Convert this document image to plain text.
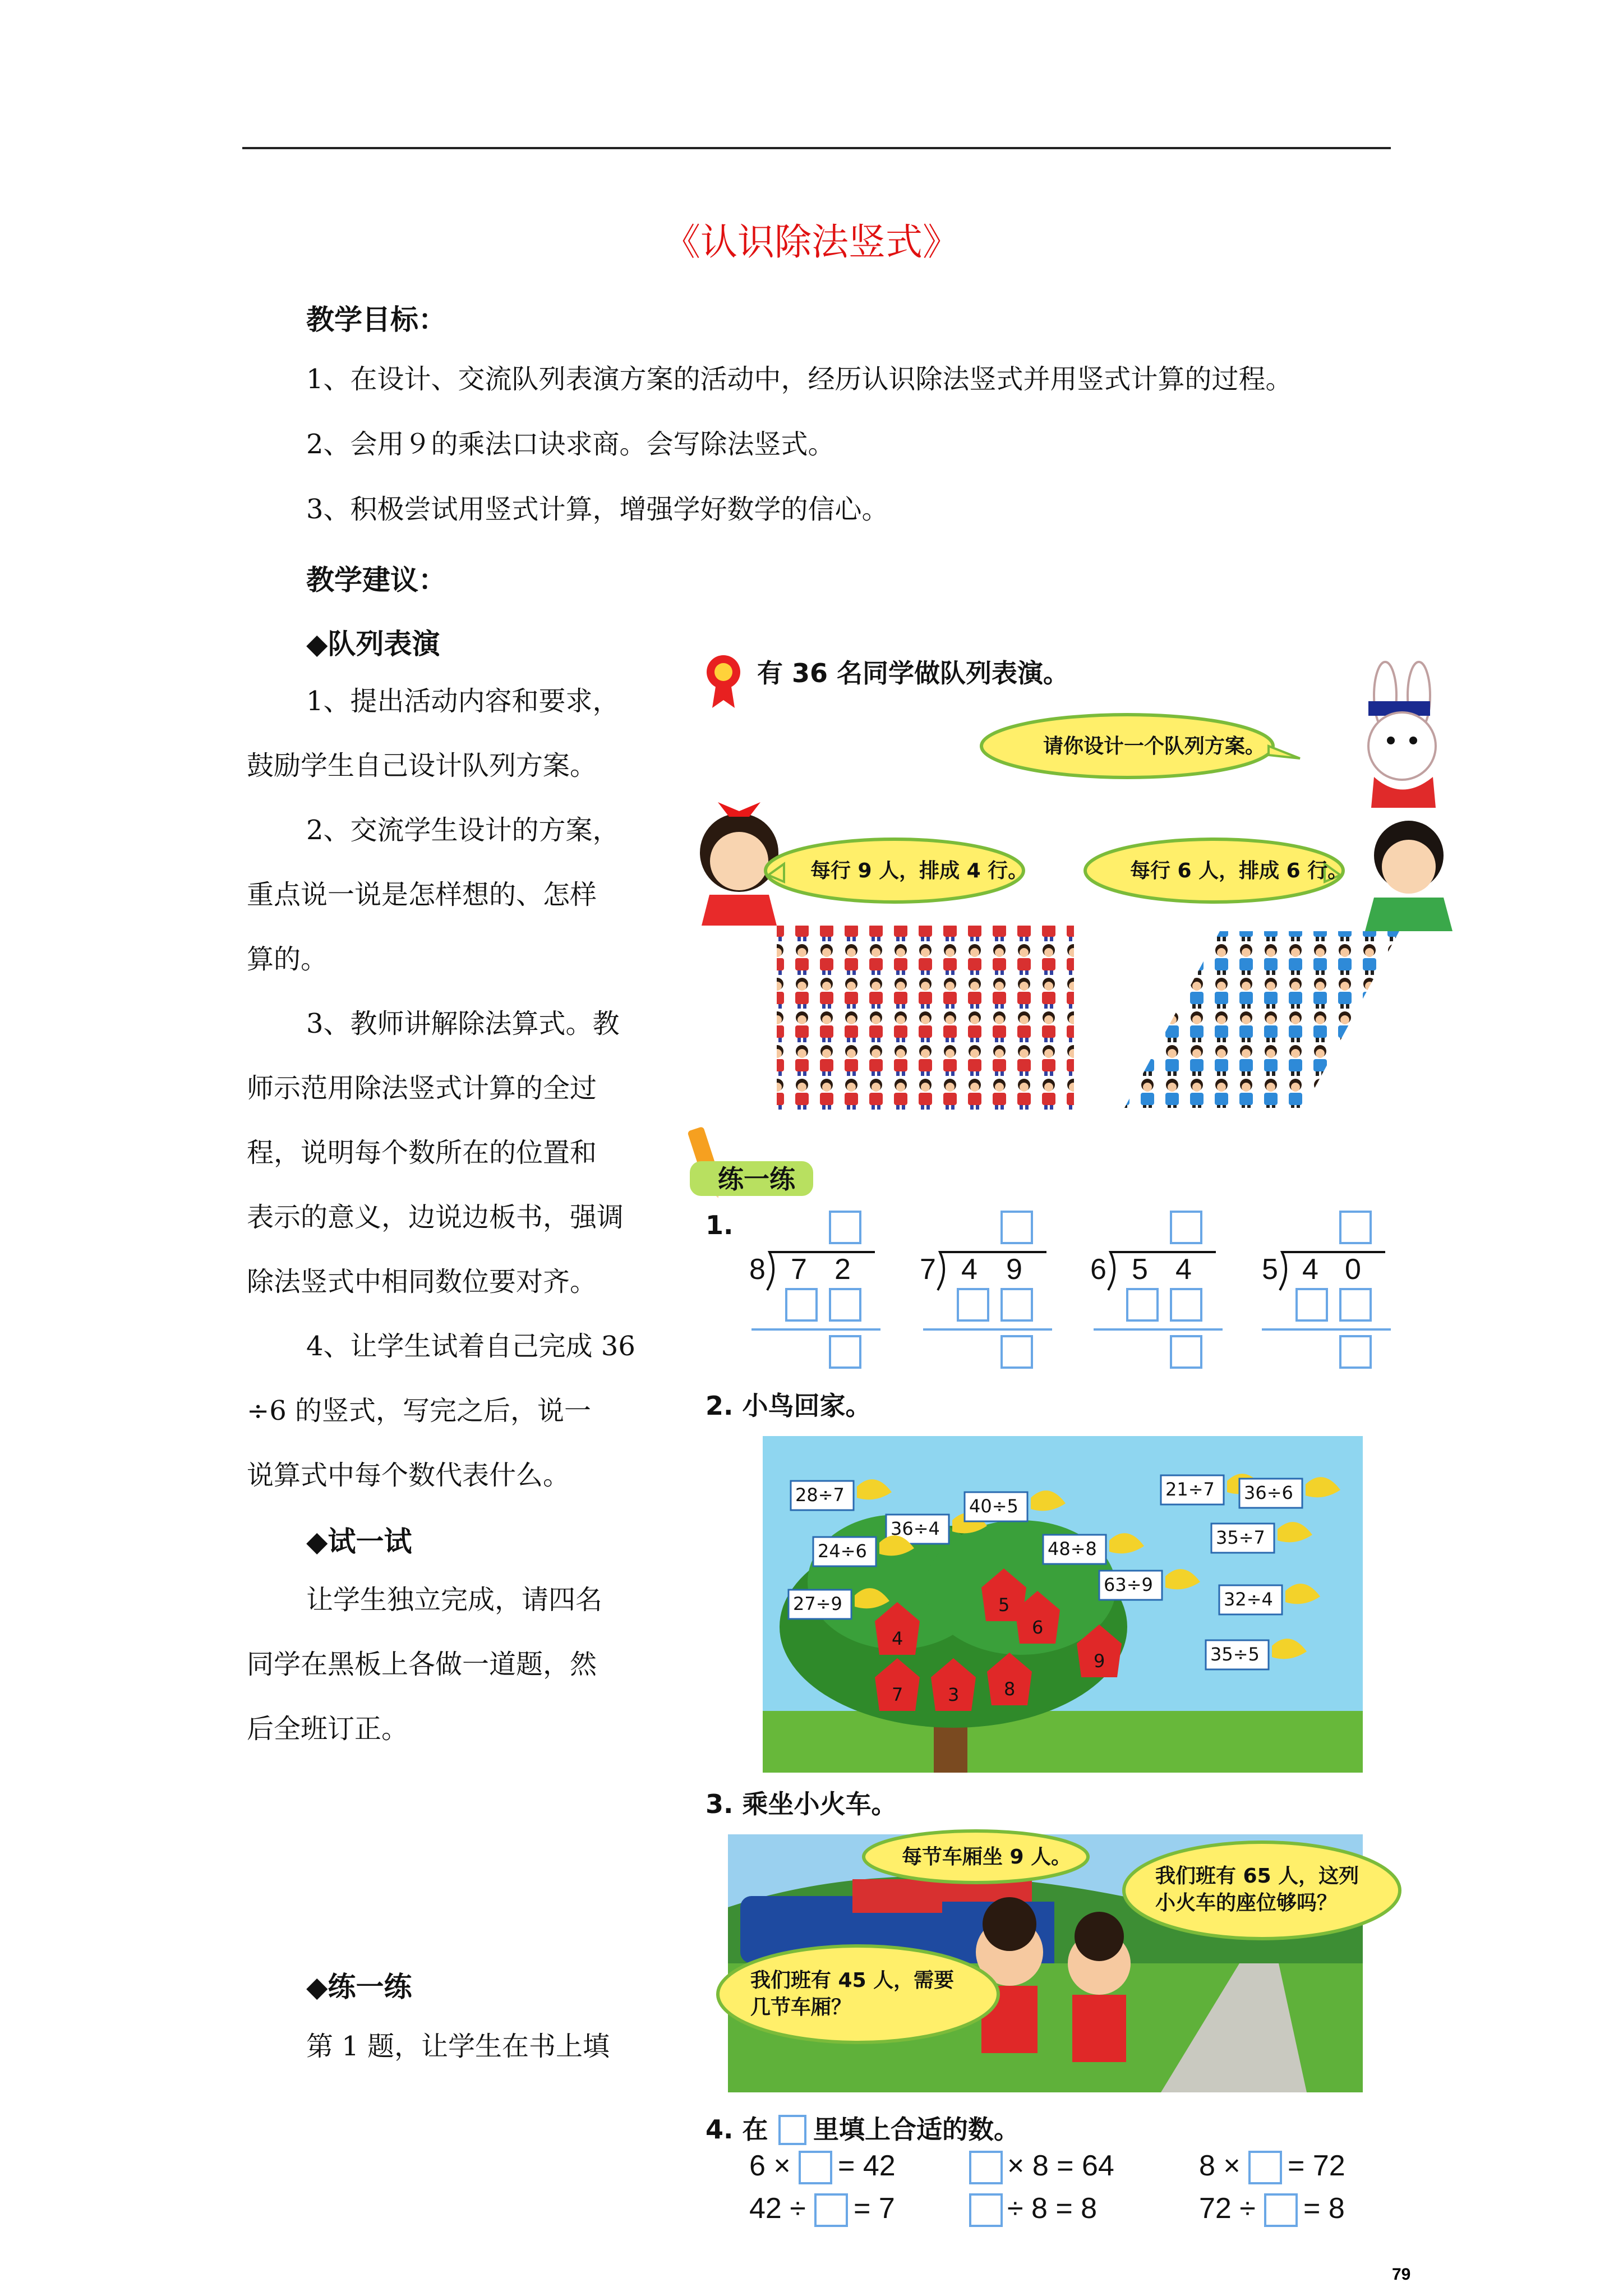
《认识除法竖式》
教学目标：
1、在设计、交流队列表演方案的活动中，经历认识除法竖式并用竖式计算的过程。
2、会用９的乘法口诀求商。会写除法竖式。
3、积极尝试用竖式计算，增强学好数学的信心。
教学建议：
◆队列表演
1、提出活动内容和要求，
鼓励学生自己设计队列方案。
2、交流学生设计的方案，
重点说一说是怎样想的、怎样
算的。
3、教师讲解除法算式。教
师示范用除法竖式计算的全过
程，说明每个数所在的位置和
表示的意义，边说边板书，强调
除法竖式中相同数位要对齐。
4、让学生试着自己完成 36
÷6 的竖式，写完之后，说一
说算式中每个数代表什么。
◆试一试
让学生独立完成，请四名
同学在黑板上各做一道题，然
后全班订正。
◆练一练
第 1 题，让学生在书上填
有 36 名同学做队列表演。
请你设计一个队列方案。
每行 9 人，排成 4 行。	每行 6 人，排成 6 行。
练一练
1.
8 7 2 7 4 9 6 5 4 5 4 0
2. 小鸟回家。
4
5
6
7 3 8
9
28÷7
36÷4
40÷5
24÷6	48÷8
27÷9
21÷7 36÷6
35÷7
63÷9
32÷4
35÷5
3. 乘坐小火车。
每节车厢坐 9 人。
我们班有 65 人，这列
小火车的座位够吗？
我们班有 45 人，需要
几节车厢？
4. 在 里填上合适的数。
6 × = 42	× 8 = 64	8 × = 72
42 ÷ = 7	÷ 8 = 8	72 ÷ = 8
79
